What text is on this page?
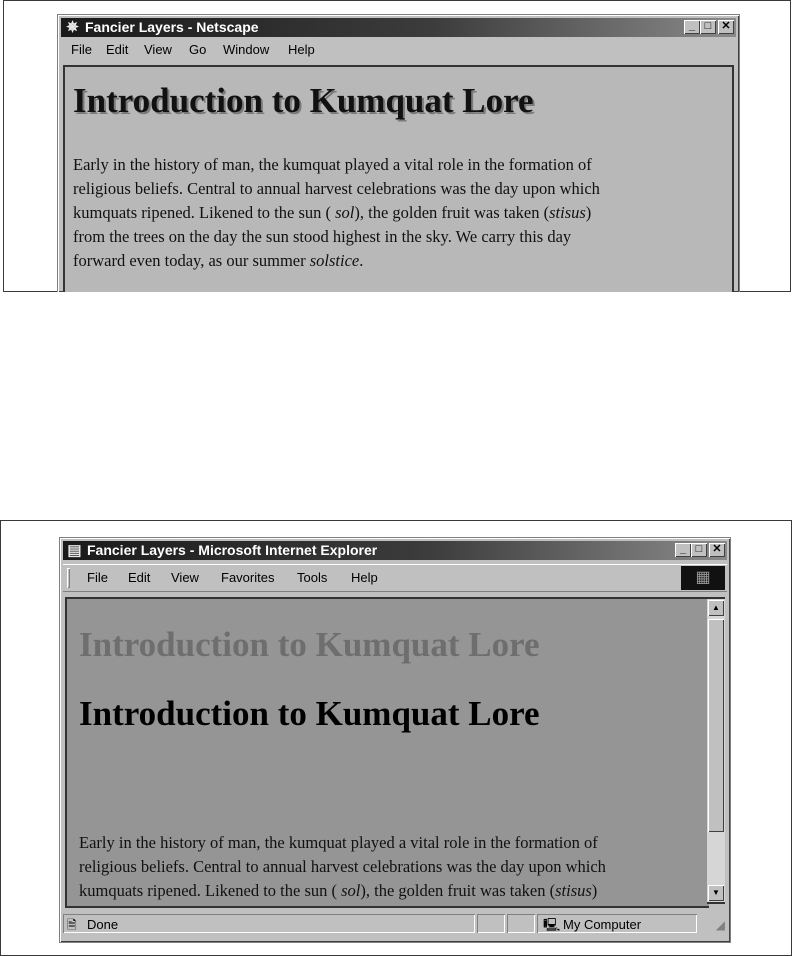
✵ Fancier Layers - Netscape	_ □ ✕
File Edit View Go Window Help
Introduction to Kumquat Lore
Early in the history of man, the kumquat played a vital role in the formation of
religious beliefs. Central to annual harvest celebrations was the day upon which
kumquats ripened. Likened to the sun ( sol), the golden fruit was taken (stisus)
from the trees on the day the sun stood highest in the sky. We carry this day
forward even today, as our summer solstice.
▤ Fancier Layers - Microsoft Internet Explorer	_ □ ✕
File Edit View Favorites Tools Help	▦
Introduction to Kumquat Lore
Introduction to Kumquat Lore
Early in the history of man, the kumquat played a vital role in the formation of
religious beliefs. Central to annual harvest celebrations was the day upon which
kumquats ripened. Likened to the sun ( sol), the golden fruit was taken (stisus)
▲
▼
🗎 Done	🖳 My Computer	◢
